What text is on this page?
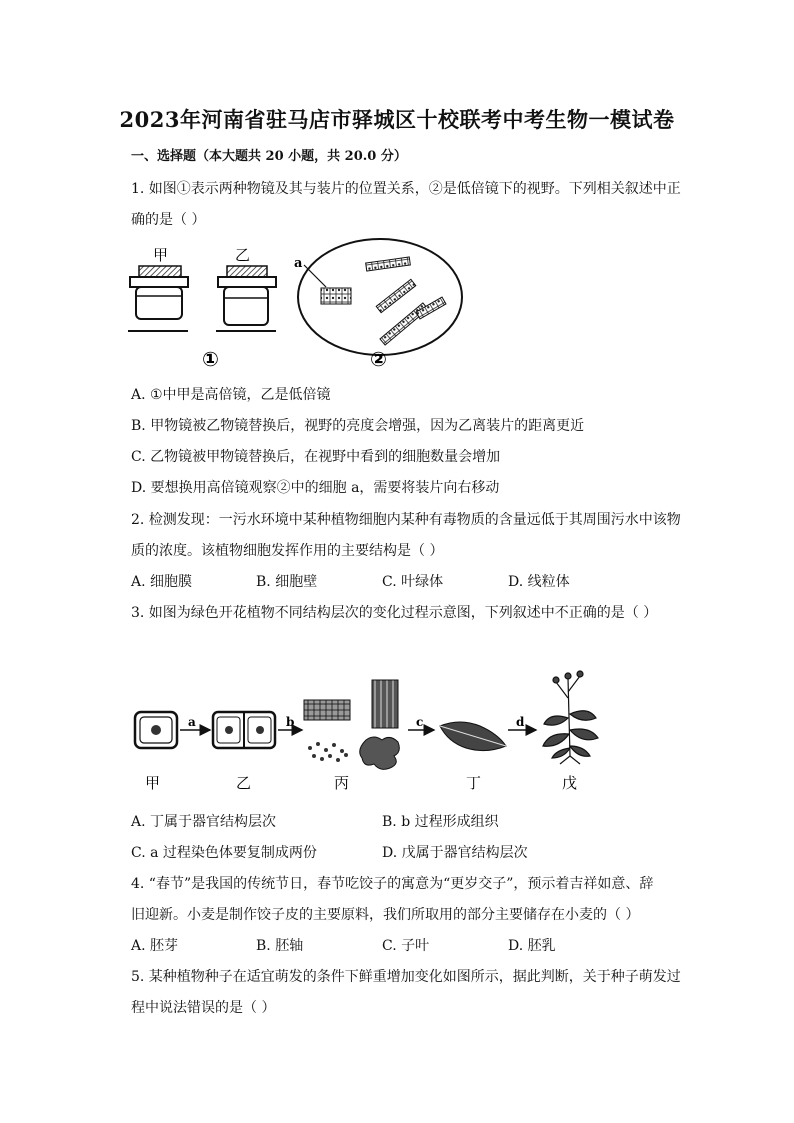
2023年河南省驻马店市驿城区十校联考中考生物一模试卷
一、选择题（本大题共 20 小题，共 20.0 分）
1. 如图①表示两种物镜及其与装片的位置关系，②是低倍镜下的视野。下列相关叙述中正
确的是（ ）
甲	乙
①
a
②
A. ①中甲是高倍镜，乙是低倍镜
B. 甲物镜被乙物镜替换后，视野的亮度会增强，因为乙离装片的距离更近
C. 乙物镜被甲物镜替换后，在视野中看到的细胞数量会增加
D. 要想换用高倍镜观察②中的细胞 a，需要将装片向右移动
2. 检测发现：一污水环境中某种植物细胞内某种有毒物质的含量远低于其周围污水中该物
质的浓度。该植物细胞发挥作用的主要结构是（ ）
A. 细胞膜	B. 细胞壁	C. 叶绿体	D. 线粒体
3. 如图为绿色开花植物不同结构层次的变化过程示意图，下列叙述中不正确的是（ ）
甲
a
乙
b
丙
c
丁
d
戊
A. 丁属于器官结构层次	B. b 过程形成组织
C. a 过程染色体要复制成两份	D. 戊属于器官结构层次
4. “春节”是我国的传统节日，春节吃饺子的寓意为“更岁交子”，预示着吉祥如意、辞
旧迎新。小麦是制作饺子皮的主要原料，我们所取用的部分主要储存在小麦的（ ）
A. 胚芽	B. 胚轴	C. 子叶	D. 胚乳
5. 某种植物种子在适宜萌发的条件下鲜重增加变化如图所示，据此判断，关于种子萌发过
程中说法错误的是（ ）
